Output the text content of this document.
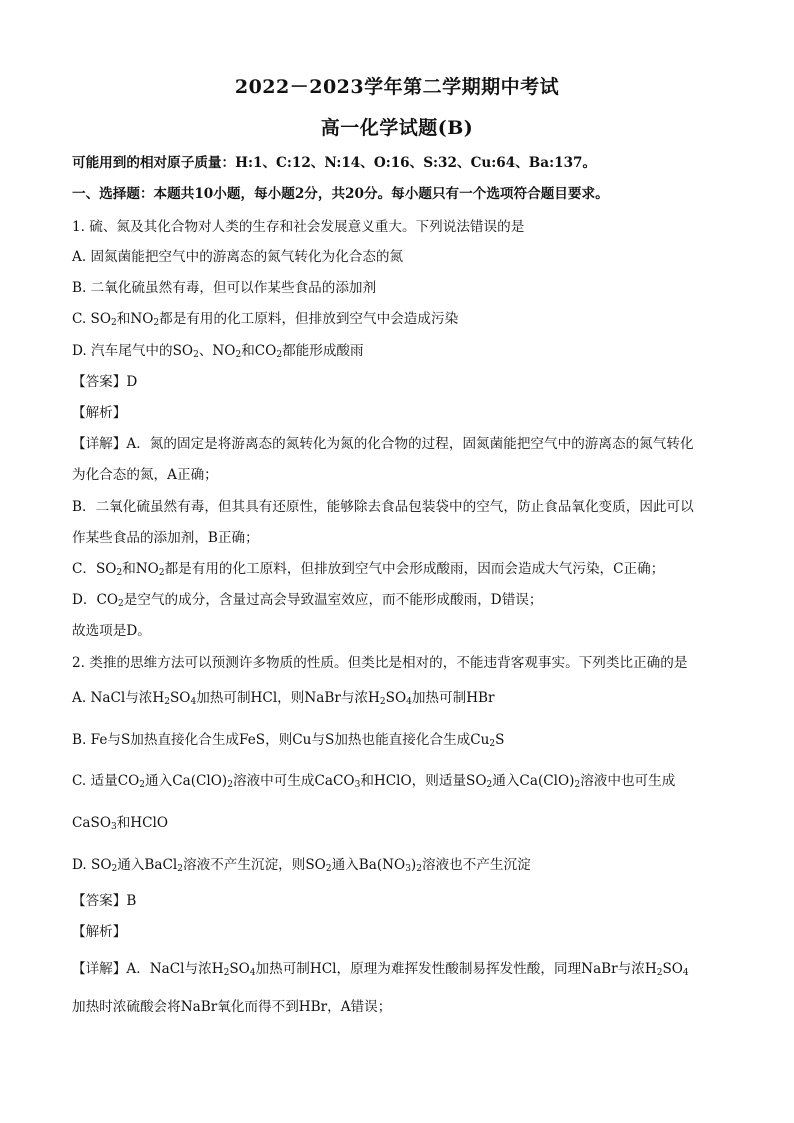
2022－2023学年第二学期期中考试
高一化学试题(B)
可能用到的相对原子质量：H:1、C:12、N:14、O:16、S:32、Cu:64、Ba:137。
一、选择题：本题共10小题，每小题2分，共20分。每小题只有一个选项符合题目要求。
1. 硫、氮及其化合物对人类的生存和社会发展意义重大。下列说法错误的是
A. 固氮菌能把空气中的游离态的氮气转化为化合态的氮
B. 二氧化硫虽然有毒，但可以作某些食品的添加剂
C. $SO_2$和$NO_2$都是有用的化工原料，但排放到空气中会造成污染
D. 汽车尾气中的$SO_2$、$NO_2$和$CO_2$都能形成酸雨
【答案】D
【解析】
【详解】A．氮的固定是将游离态的氮转化为氮的化合物的过程，固氮菌能把空气中的游离态的氮气转化
为化合态的氮，A正确；
B．二氧化硫虽然有毒，但其具有还原性，能够除去食品包装袋中的空气，防止食品氧化变质，因此可以
作某些食品的添加剂，B正确；
C．$SO_2$和$NO_2$都是有用的化工原料，但排放到空气中会形成酸雨，因而会造成大气污染，C正确；
D．$CO_2$是空气的成分，含量过高会导致温室效应，而不能形成酸雨，D错误；
故选项是D。
2. 类推的思维方法可以预测许多物质的性质。但类比是相对的，不能违背客观事实。下列类比正确的是
A. NaCl与浓$H_2SO_4$加热可制HCl，则NaBr与浓$H_2SO_4$加热可制HBr
B. Fe与S加热直接化合生成FeS，则Cu与S加热也能直接化合生成$Cu_2S$
C. 适量$CO_2$通入$Ca(ClO)_2$溶液中可生成CaCO$_3$和HClO，则适量$SO_2$通入$Ca(ClO)_2$溶液中也可生成
CaSO$_3$和HClO
D. $SO_2$通入BaCl$_2$溶液不产生沉淀，则$SO_2$通入$Ba(NO_3)_2$溶液也不产生沉淀
【答案】B
【解析】
【详解】A．NaCl与浓$H_2SO_4$加热可制HCl，原理为难挥发性酸制易挥发性酸，同理NaBr与浓$H_2SO_4$
加热时浓硫酸会将NaBr氧化而得不到HBr，A错误；
